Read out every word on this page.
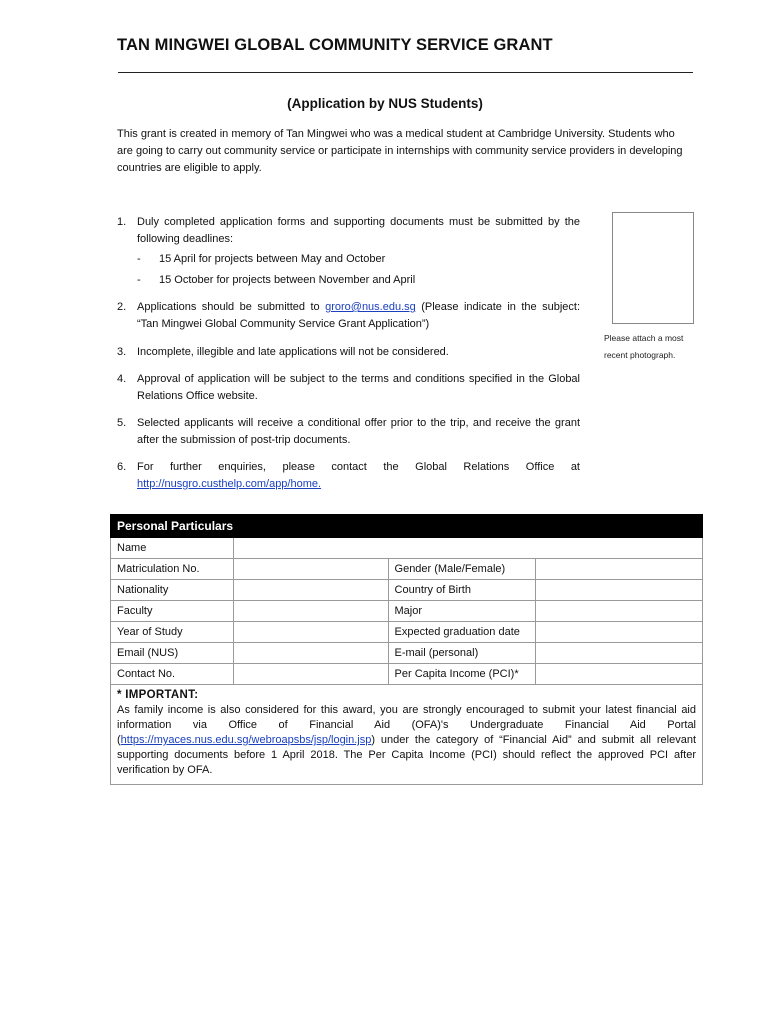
TAN MINGWEI GLOBAL COMMUNITY SERVICE GRANT
(Application by NUS Students)
This grant is created in memory of Tan Mingwei who was a medical student at Cambridge University. Students who are going to carry out community service or participate in internships with community service providers in developing countries are eligible to apply.
1. Duly completed application forms and supporting documents must be submitted by the following deadlines:
- 15 April for projects between May and October
- 15 October for projects between November and April
2. Applications should be submitted to groro@nus.edu.sg (Please indicate in the subject: “Tan Mingwei Global Community Service Grant Application”)
3. Incomplete, illegible and late applications will not be considered.
4. Approval of application will be subject to the terms and conditions specified in the Global Relations Office website.
5. Selected applicants will receive a conditional offer prior to the trip, and receive the grant after the submission of post-trip documents.
6. For further enquiries, please contact the Global Relations Office at
http://nusgro.custhelp.com/app/home.
Please attach a most
recent photograph.
Personal Particulars			
Name			
Matriculation No.		Gender (Male/Female)	
Nationality		Country of Birth	
Faculty		Major	
Year of Study		Expected graduation date	
Email (NUS)		E-mail (personal)	
Contact No.		Per Capita Income (PCI)*	

* IMPORTANT:
As family income is also considered for this award, you are strongly encouraged to submit your latest financial aid information via Office of Financial Aid (OFA)'s Undergraduate Financial Aid Portal (https://myaces.nus.edu.sg/webroapsbs/jsp/login.jsp) under the category of “Financial Aid” and submit all relevant supporting documents before 1 April 2018. The Per Capita Income (PCI) should reflect the approved PCI after verification by OFA.			
